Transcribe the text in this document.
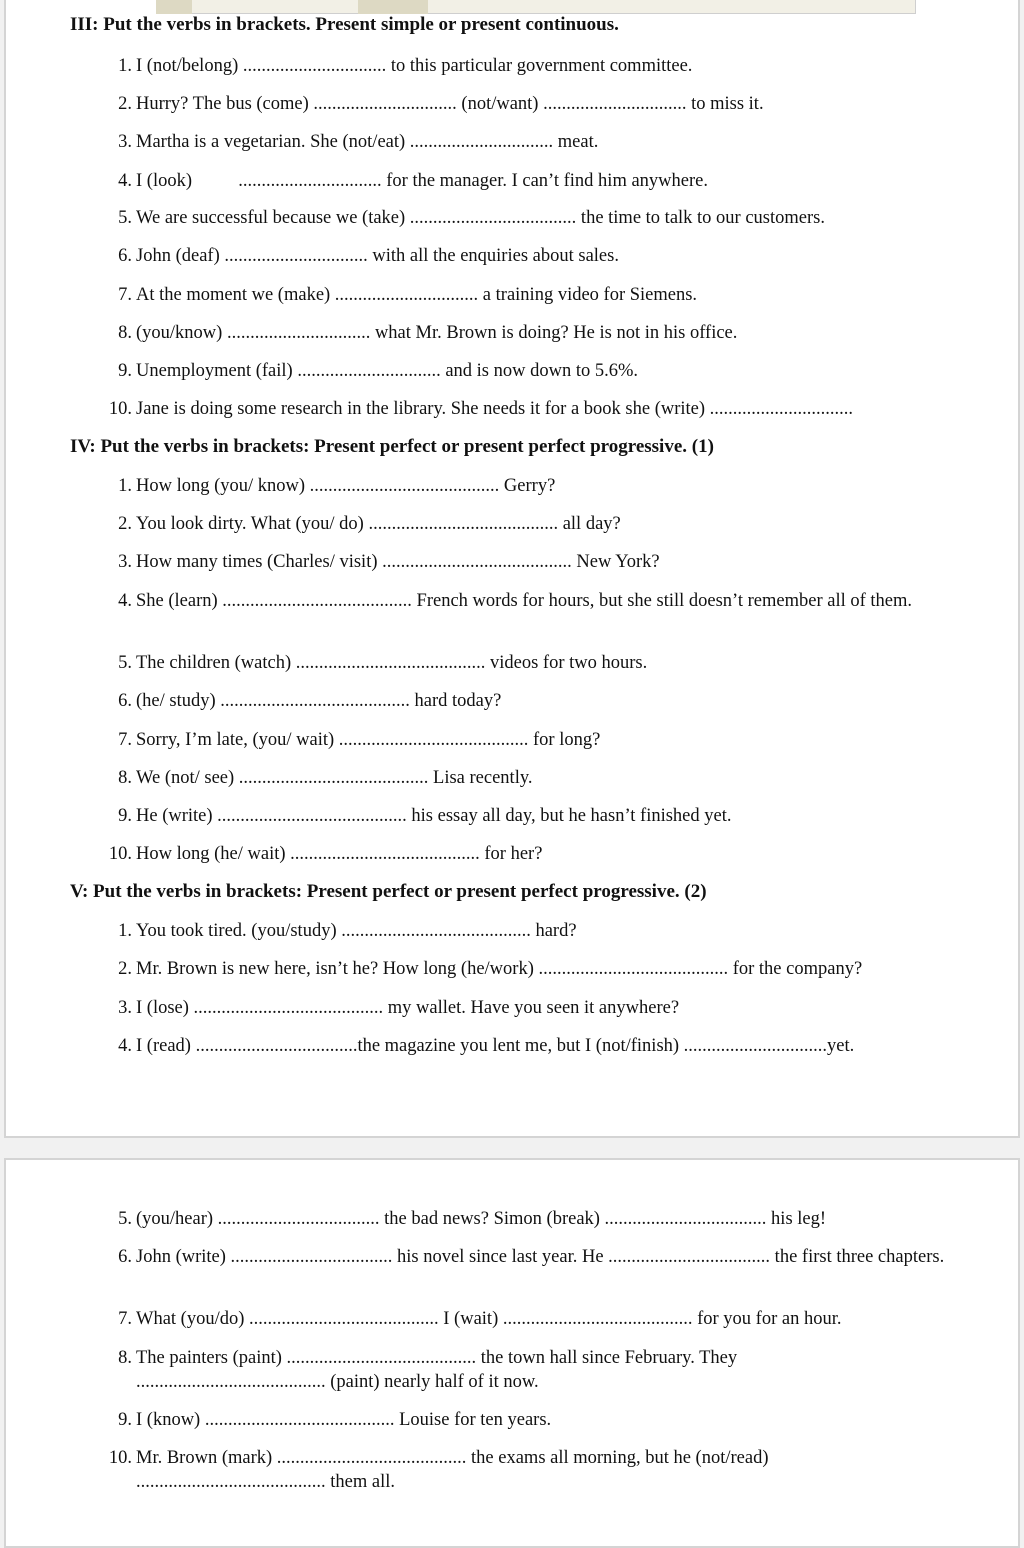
III: Put the verbs in brackets. Present simple or present continuous.
1. I (not/belong) ............................... to this particular government committee.
2. Hurry? The bus (come) ............................... (not/want) ............................... to miss it.
3. Martha is a vegetarian. She (not/eat) ............................... meat.
4. I (look)          ............................... for the manager. I can’t find him anywhere.
5. We are successful because we (take) .................................... the time to talk to our customers.
6. John (deaf) ............................... with all the enquiries about sales.
7. At the moment we (make) ............................... a training video for Siemens.
8. (you/know) ............................... what Mr. Brown is doing? He is not in his office.
9. Unemployment (fail) ............................... and is now down to 5.6%.
10. Jane is doing some research in the library. She needs it for a book she (write) ...............................
IV: Put the verbs in brackets: Present perfect or present perfect progressive. (1)
1. How long (you/ know) ......................................... Gerry?
2. You look dirty. What (you/ do) ......................................... all day?
3. How many times (Charles/ visit) ......................................... New York?
4. She (learn) ......................................... French words for hours, but she still doesn’t remember all of them.
5. The children (watch) ......................................... videos for two hours.
6. (he/ study) ......................................... hard today?
7. Sorry, I’m late, (you/ wait) ......................................... for long?
8. We (not/ see) ......................................... Lisa recently.
9. He (write) ......................................... his essay all day, but he hasn’t finished yet.
10. How long (he/ wait) ......................................... for her?
V: Put the verbs in brackets: Present perfect or present perfect progressive. (2)
1. You took tired. (you/study) ......................................... hard?
2. Mr. Brown is new here, isn’t he? How long (he/work) ......................................... for the company?
3. I (lose) ......................................... my wallet. Have you seen it anywhere?
4. I (read) ...................................the magazine you lent me, but I (not/finish) ...............................yet.
5. (you/hear) ................................... the bad news? Simon (break) ................................... his leg!
6. John (write) ................................... his novel since last year. He ................................... the first three chapters.
7. What (you/do) ......................................... I (wait) ......................................... for you for an hour.
8. The painters (paint) ......................................... the town hall since February. They ......................................... (paint) nearly half of it now.
9. I (know) ......................................... Louise for ten years.
10. Mr. Brown (mark) ......................................... the exams all morning, but he (not/read) ......................................... them all.
